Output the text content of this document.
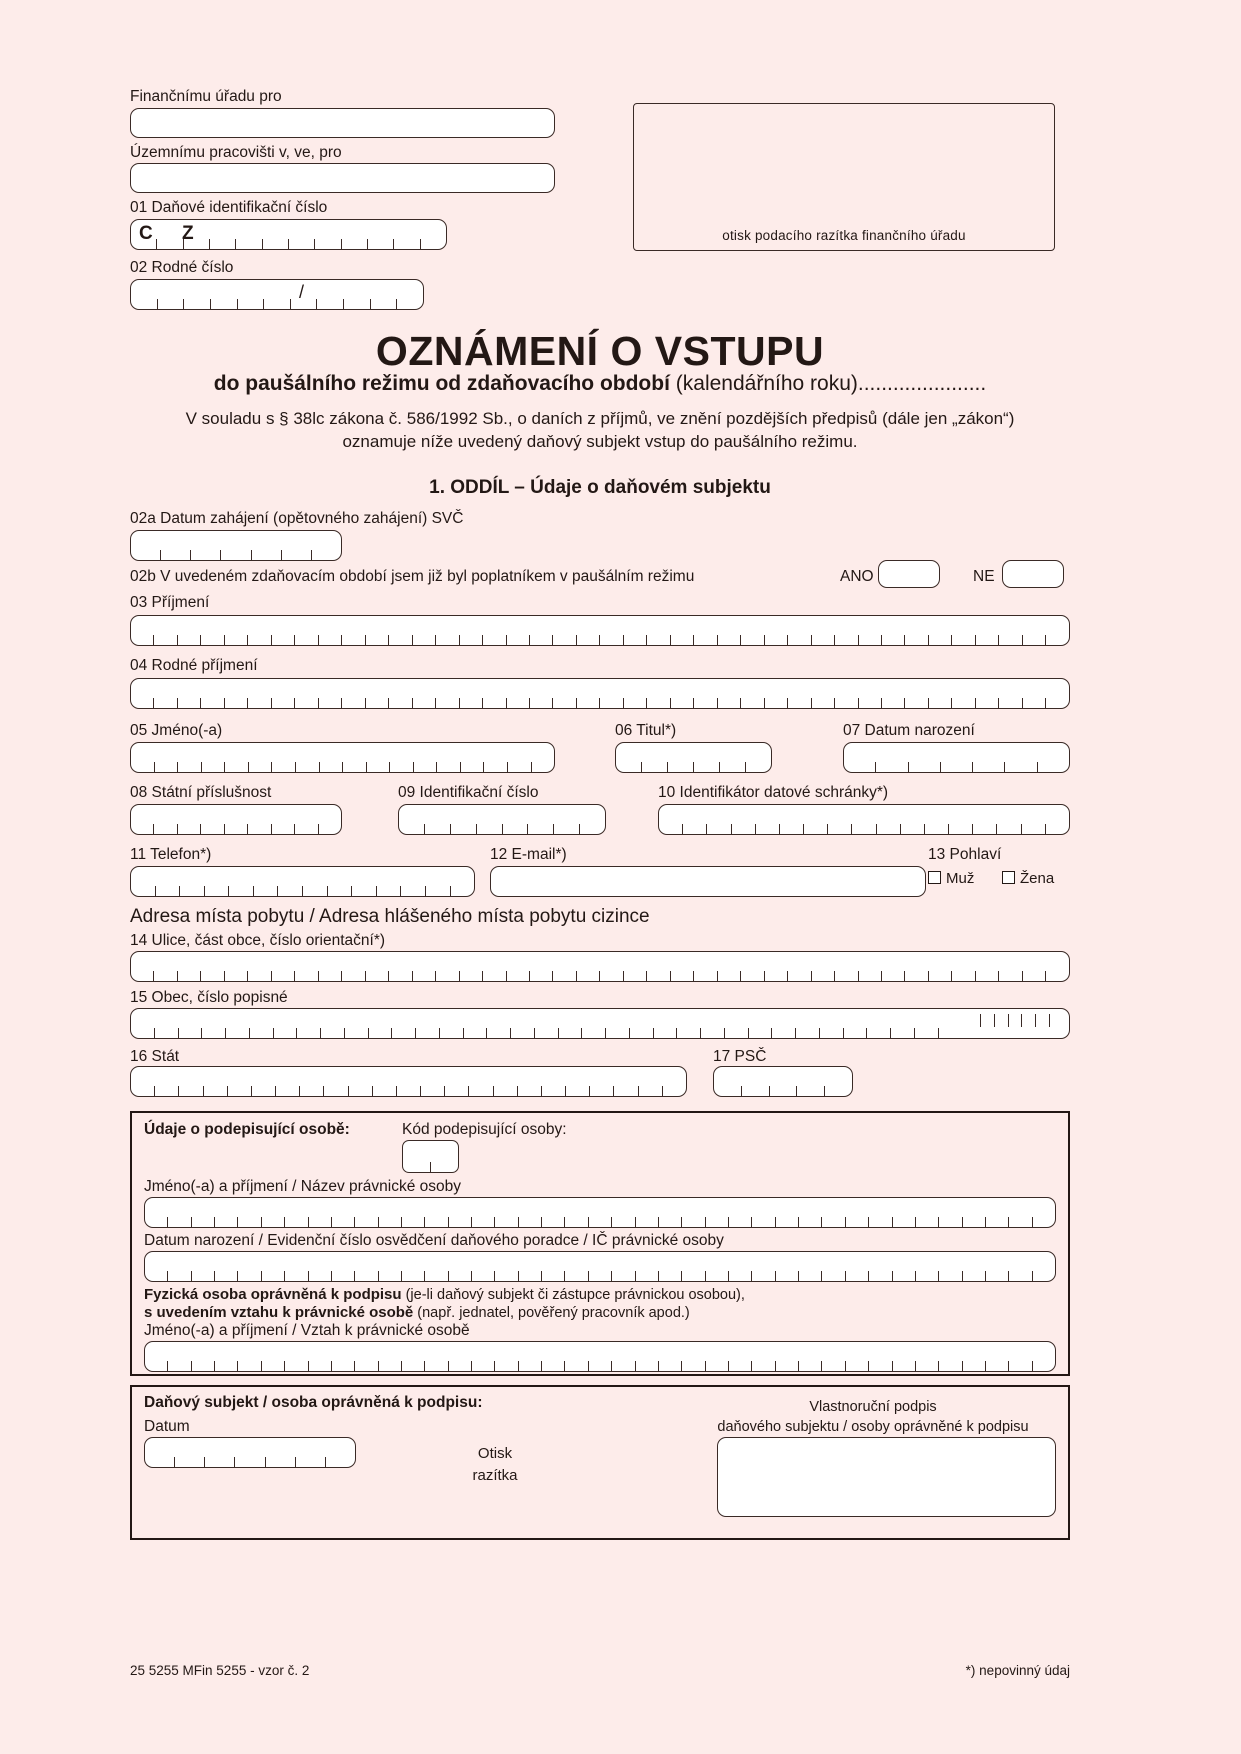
Finančnímu úřadu pro
Územnímu pracovišti v, ve, pro
01 Daňové identifikační číslo
C Z
02 Rodné číslo
/
otisk podacího razítka finančního úřadu
OZNÁMENÍ O VSTUPU
do paušálního režimu od zdaňovacího období (kalendářního roku)......................
V souladu s § 38lc zákona č. 586/1992 Sb., o daních z příjmů, ve znění pozdějších předpisů (dále jen „zákon“)
oznamuje níže uvedený daňový subjekt vstup do paušálního režimu.
1. ODDÍL – Údaje o daňovém subjektu
02a Datum zahájení (opětovného zahájení) SVČ
02b V uvedeném zdaňovacím období jsem již byl poplatníkem v paušálním režimu	ANO	NE
03 Příjmení
04 Rodné příjmení
05 Jméno(-a)	06 Titul*)	07 Datum narození
08 Státní příslušnost	09 Identifikační číslo	10 Identifikátor datové schránky*)
11 Telefon*)	12 E-mail*)	13 Pohlaví
Muž	Žena
Adresa místa pobytu / Adresa hlášeného místa pobytu cizince
14 Ulice, část obce, číslo orientační*)
15 Obec, číslo popisné
16 Stát	17 PSČ
Údaje o podepisující osobě:	Kód podepisující osoby:
Jméno(-a) a příjmení / Název právnické osoby
Datum narození / Evidenční číslo osvědčení daňového poradce / IČ právnické osoby
Fyzická osoba oprávněná k podpisu (je-li daňový subjekt či zástupce právnickou osobou),
s uvedením vztahu k právnické osobě (např. jednatel, pověřený pracovník apod.)
Jméno(-a) a příjmení / Vztah k právnické osobě
Daňový subjekt / osoba oprávněná k podpisu:
Datum
Otisk
razítka
Vlastnoruční podpis
daňového subjektu / osoby oprávněné k podpisu
25 5255 MFin 5255 - vzor č. 2	*) nepovinný údaj
